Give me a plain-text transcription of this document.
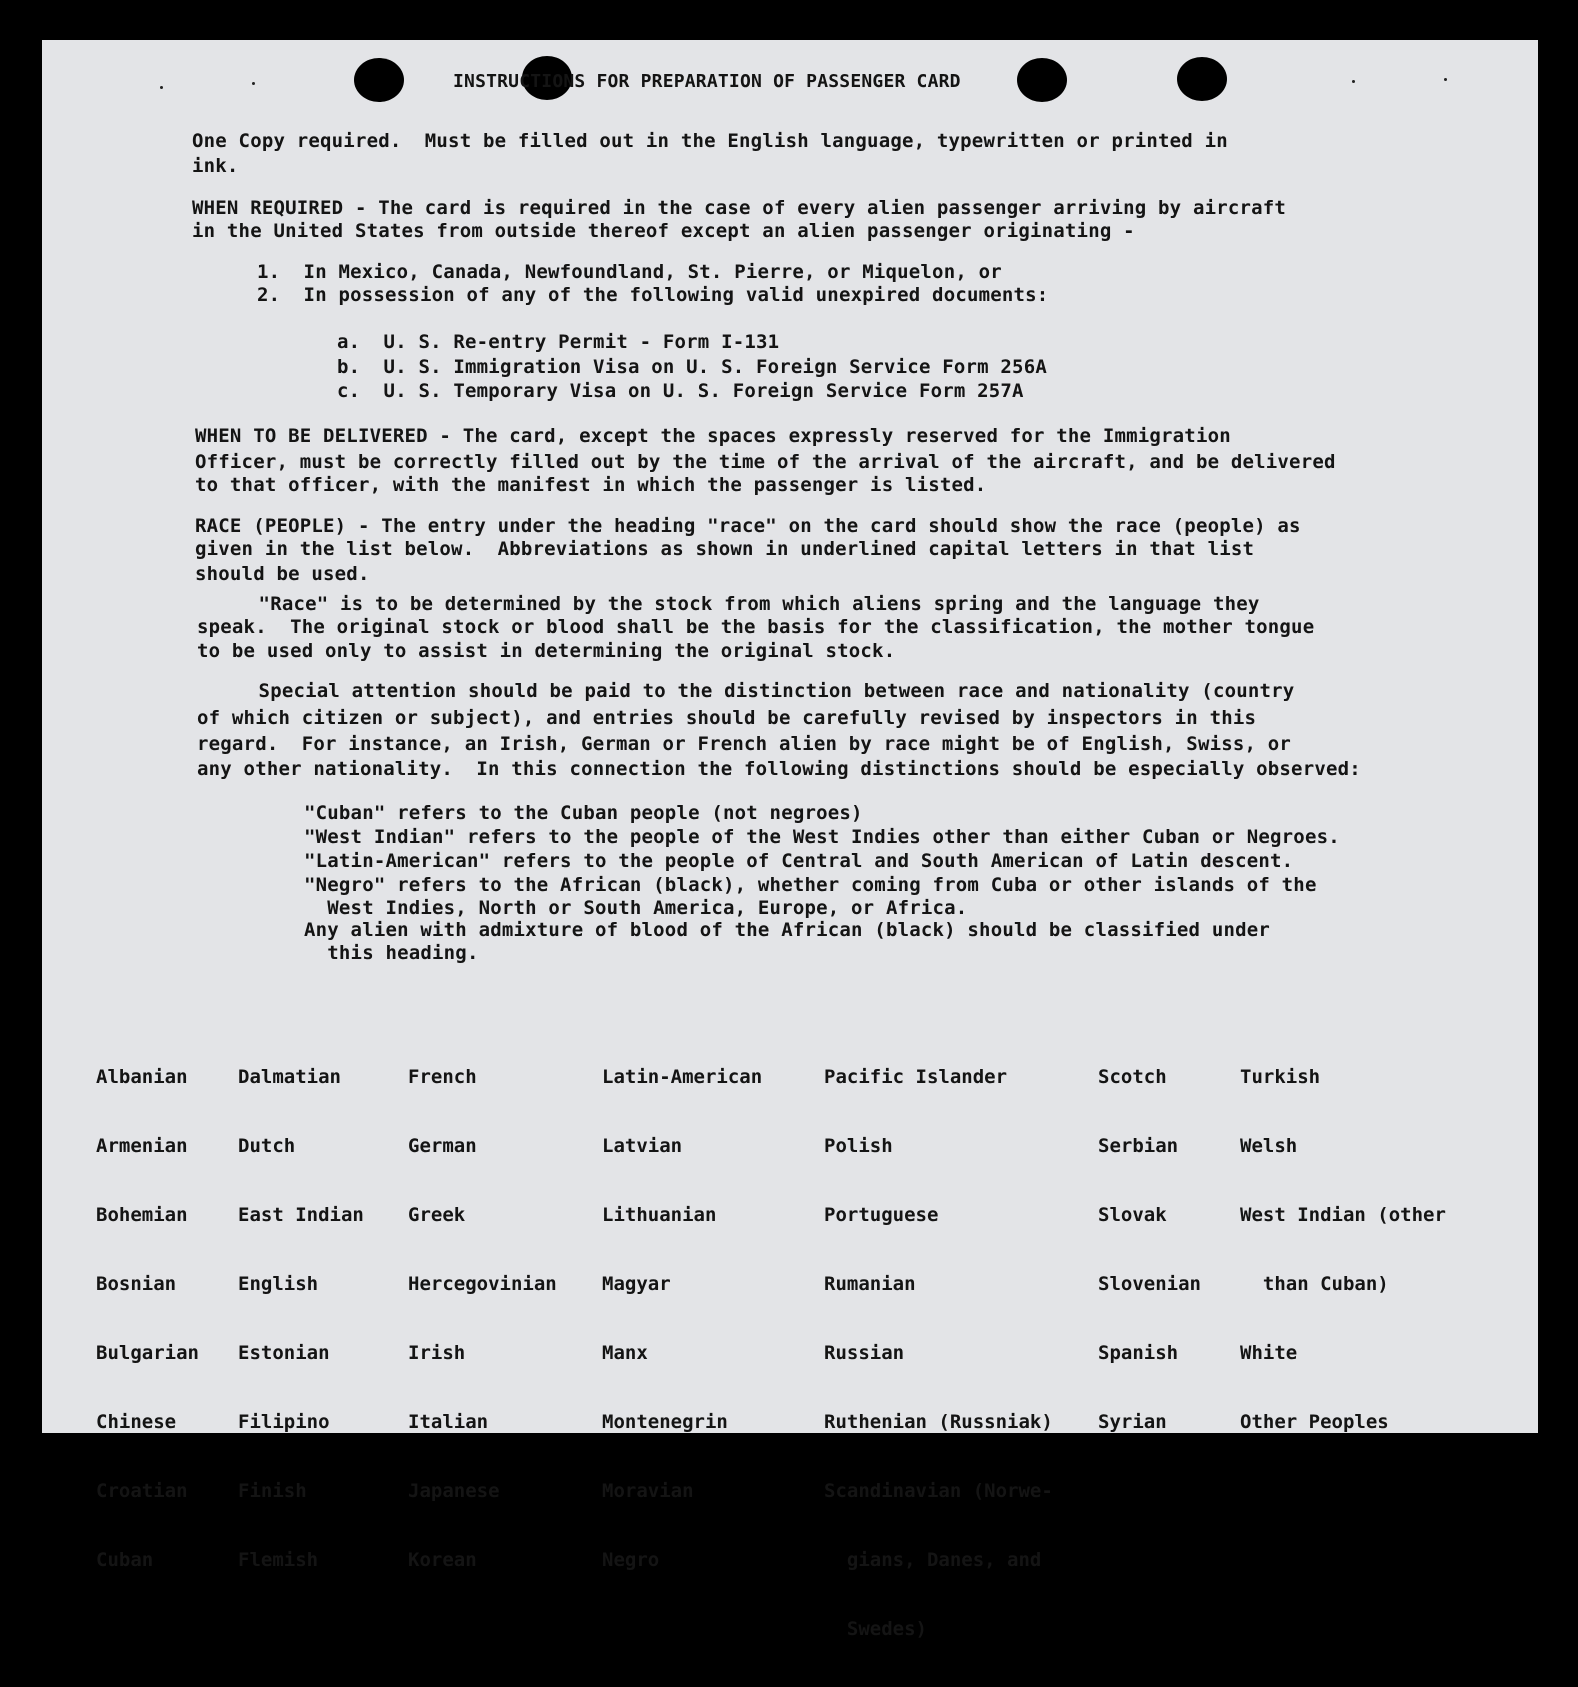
INSTRUCTIONS FOR PREPARATION OF PASSENGER CARD
One Copy required.  Must be filled out in the English language, typewritten or printed in
ink.
WHEN REQUIRED - The card is required in the case of every alien passenger arriving by aircraft
in the United States from outside thereof except an alien passenger originating -
1.  In Mexico, Canada, Newfoundland, St. Pierre, or Miquelon, or
2.  In possession of any of the following valid unexpired documents:
a.  U. S. Re-entry Permit - Form I-131
b.  U. S. Immigration Visa on U. S. Foreign Service Form 256A
c.  U. S. Temporary Visa on U. S. Foreign Service Form 257A
WHEN TO BE DELIVERED - The card, except the spaces expressly reserved for the Immigration
Officer, must be correctly filled out by the time of the arrival of the aircraft, and be delivered
to that officer, with the manifest in which the passenger is listed.
RACE (PEOPLE) - The entry under the heading "race" on the card should show the race (people) as
given in the list below.  Abbreviations as shown in underlined capital letters in that list
should be used.
"Race" is to be determined by the stock from which aliens spring and the language they
speak.  The original stock or blood shall be the basis for the classification, the mother tongue
to be used only to assist in determining the original stock.
Special attention should be paid to the distinction between race and nationality (country
of which citizen or subject), and entries should be carefully revised by inspectors in this
regard.  For instance, an Irish, German or French alien by race might be of English, Swiss, or
any other nationality.  In this connection the following distinctions should be especially observed:
"Cuban" refers to the Cuban people (not negroes)
"West Indian" refers to the people of the West Indies other than either Cuban or Negroes.
"Latin-American" refers to the people of Central and South American of Latin descent.
"Negro" refers to the African (black), whether coming from Cuba or other islands of the
West Indies, North or South America, Europe, or Africa.
Any alien with admixture of blood of the African (black) should be classified under
this heading.

Albanian

Armenian

Bohemian

Bosnian

Bulgarian

Chinese

Croatian

Cuban

Dalmatian

Dutch

East Indian

English

Estonian

Filipino

Finish

Flemish

French

German

Greek

Hercegovinian

Irish

Italian

Japanese

Korean

Latin-American

Latvian

Lithuanian

Magyar

Manx

Montenegrin

Moravian

Negro

Pacific Islander

Polish

Portuguese

Rumanian

Russian

Ruthenian (Russniak)

Scandinavian (Norwe-

gians, Danes, and

Swedes)

Scotch

Serbian

Slovak

Slovenian

Spanish

Syrian

Turkish

Welsh

West Indian (other

than Cuban)

White

Other Peoples
